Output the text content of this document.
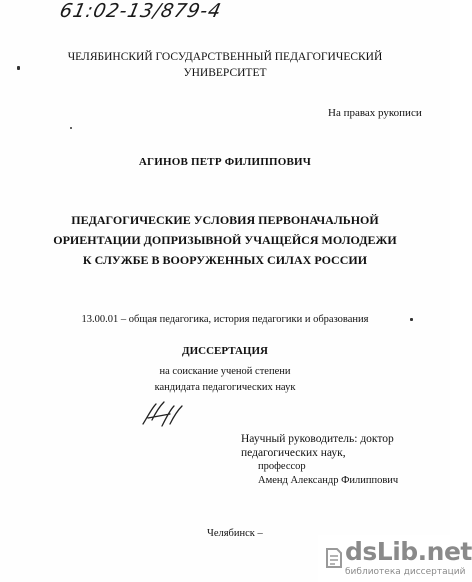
61:02-13/879-4
ЧЕЛЯБИНСКИЙ ГОСУДАРСТВЕННЫЙ ПЕДАГОГИЧЕСКИЙ
УНИВЕРСИТЕТ
На правах рукописи
АГИНОВ ПЕТР ФИЛИППОВИЧ
ПЕДАГОГИЧЕСКИЕ УСЛОВИЯ ПЕРВОНАЧАЛЬНОЙ
ОРИЕНТАЦИИ ДОПРИЗЫВНОЙ УЧАЩЕЙСЯ МОЛОДЕЖИ
К СЛУЖБЕ В ВООРУЖЕННЫХ СИЛАХ РОССИИ
13.00.01 – общая педагогика, история педагогики и образования
ДИССЕРТАЦИЯ
на соискание ученой степени
кандидата педагогических наук
Научный руководитель: доктор
педагогических наук,
профессор
Аменд Александр Филиппович
Челябинск –
dsLib.net
библиотека диссертаций
